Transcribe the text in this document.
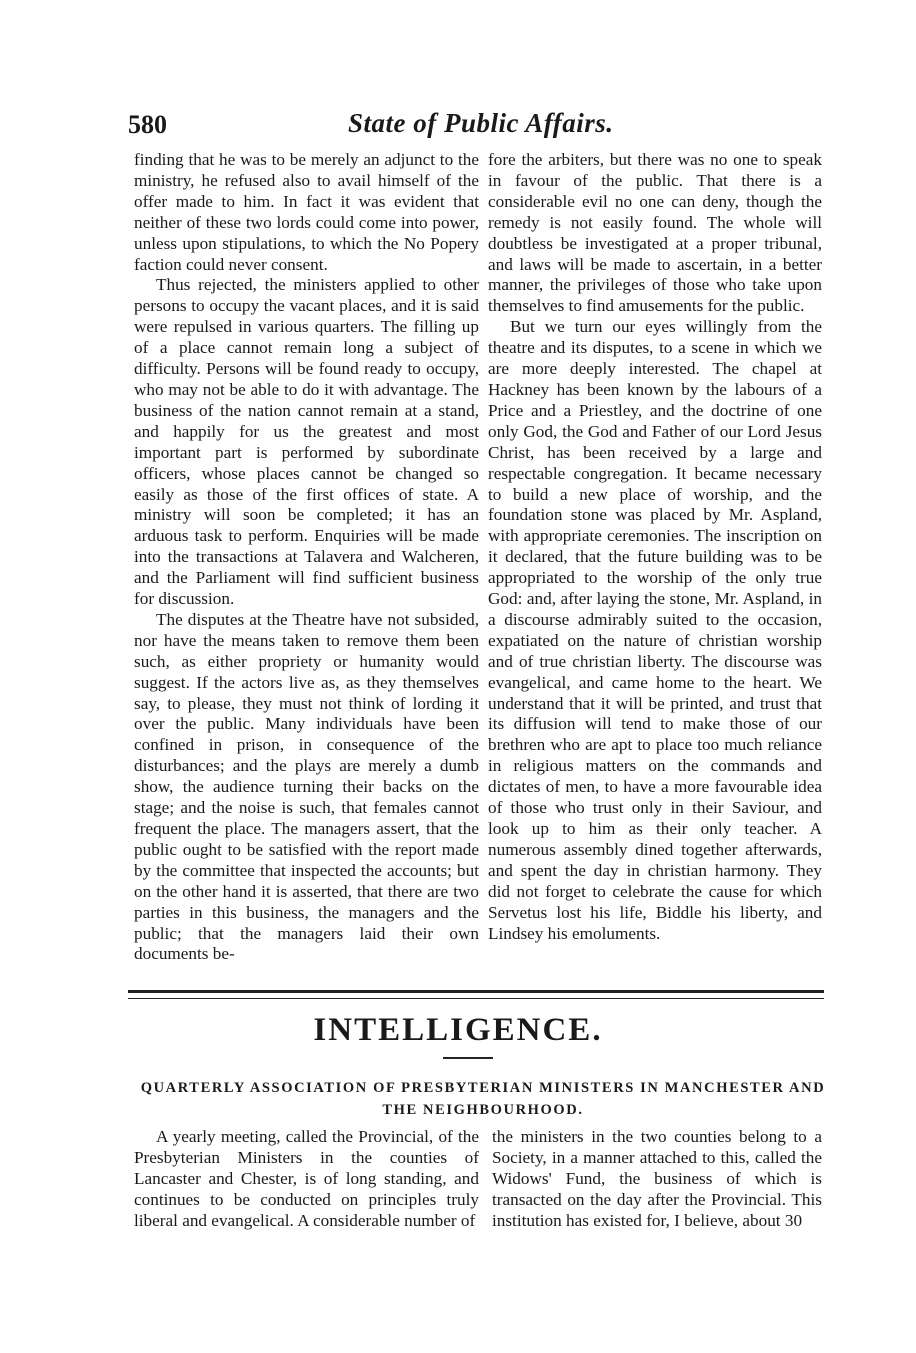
580	State of Public Affairs.

finding that he was to be merely an adjunct to the ministry, he refused also to avail himself of the offer made to him. In fact it was evident that neither of these two lords could come into power, unless upon stipulations, to which the No Popery faction could never consent.

Thus rejected, the ministers applied to other persons to occupy the vacant places, and it is said were repulsed in various quarters. The filling up of a place cannot remain long a subject of difficulty. Persons will be found ready to occupy, who may not be able to do it with advantage. The business of the nation cannot remain at a stand, and happily for us the greatest and most important part is performed by subordinate officers, whose places cannot be changed so easily as those of the first offices of state. A ministry will soon be completed; it has an arduous task to perform. Enquiries will be made into the transactions at Talavera and Walcheren, and the Parliament will find sufficient business for discussion.

The disputes at the Theatre have not subsided, nor have the means taken to remove them been such, as either propriety or humanity would suggest. If the actors live as, as they themselves say, to please, they must not think of lording it over the public. Many individuals have been confined in prison, in consequence of the disturbances; and the plays are merely a dumb show, the audience turning their backs on the stage; and the noise is such, that females cannot frequent the place. The managers assert, that the public ought to be satisfied with the report made by the committee that inspected the accounts; but on the other hand it is asserted, that there are two parties in this business, the managers and the public; that the managers laid their own documents be-

fore the arbiters, but there was no one to speak in favour of the public. That there is a considerable evil no one can deny, though the remedy is not easily found. The whole will doubtless be investigated at a proper tribunal, and laws will be made to ascertain, in a better manner, the privileges of those who take upon themselves to find amusements for the public.

But we turn our eyes willingly from the theatre and its disputes, to a scene in which we are more deeply interested. The chapel at Hackney has been known by the labours of a Price and a Priestley, and the doctrine of one only God, the God and Father of our Lord Jesus Christ, has been received by a large and respectable congregation. It became necessary to build a new place of worship, and the foundation stone was placed by Mr. Aspland, with appropriate ceremonies. The inscription on it declared, that the future building was to be appropriated to the worship of the only true God: and, after laying the stone, Mr. Aspland, in a discourse admirably suited to the occasion, expatiated on the nature of christian worship and of true christian liberty. The discourse was evangelical, and came home to the heart. We understand that it will be printed, and trust that its diffusion will tend to make those of our brethren who are apt to place too much reliance in religious matters on the commands and dictates of men, to have a more favourable idea of those who trust only in their Saviour, and look up to him as their only teacher. A numerous assembly dined together afterwards, and spent the day in christian harmony. They did not forget to celebrate the cause for which Servetus lost his life, Biddle his liberty, and Lindsey his emoluments.

INTELLIGENCE.
QUARTERLY ASSOCIATION OF PRESBYTERIAN MINISTERS IN MANCHESTER AND THE NEIGHBOURHOOD.

A yearly meeting, called the Provincial, of the Presbyterian Ministers in the counties of Lancaster and Chester, is of long standing, and continues to be conducted on principles truly liberal and evangelical. A considerable number of

the ministers in the two counties belong to a Society, in a manner attached to this, called the Widows' Fund, the business of which is transacted on the day after the Provincial. This institution has existed for, I believe, about 30
